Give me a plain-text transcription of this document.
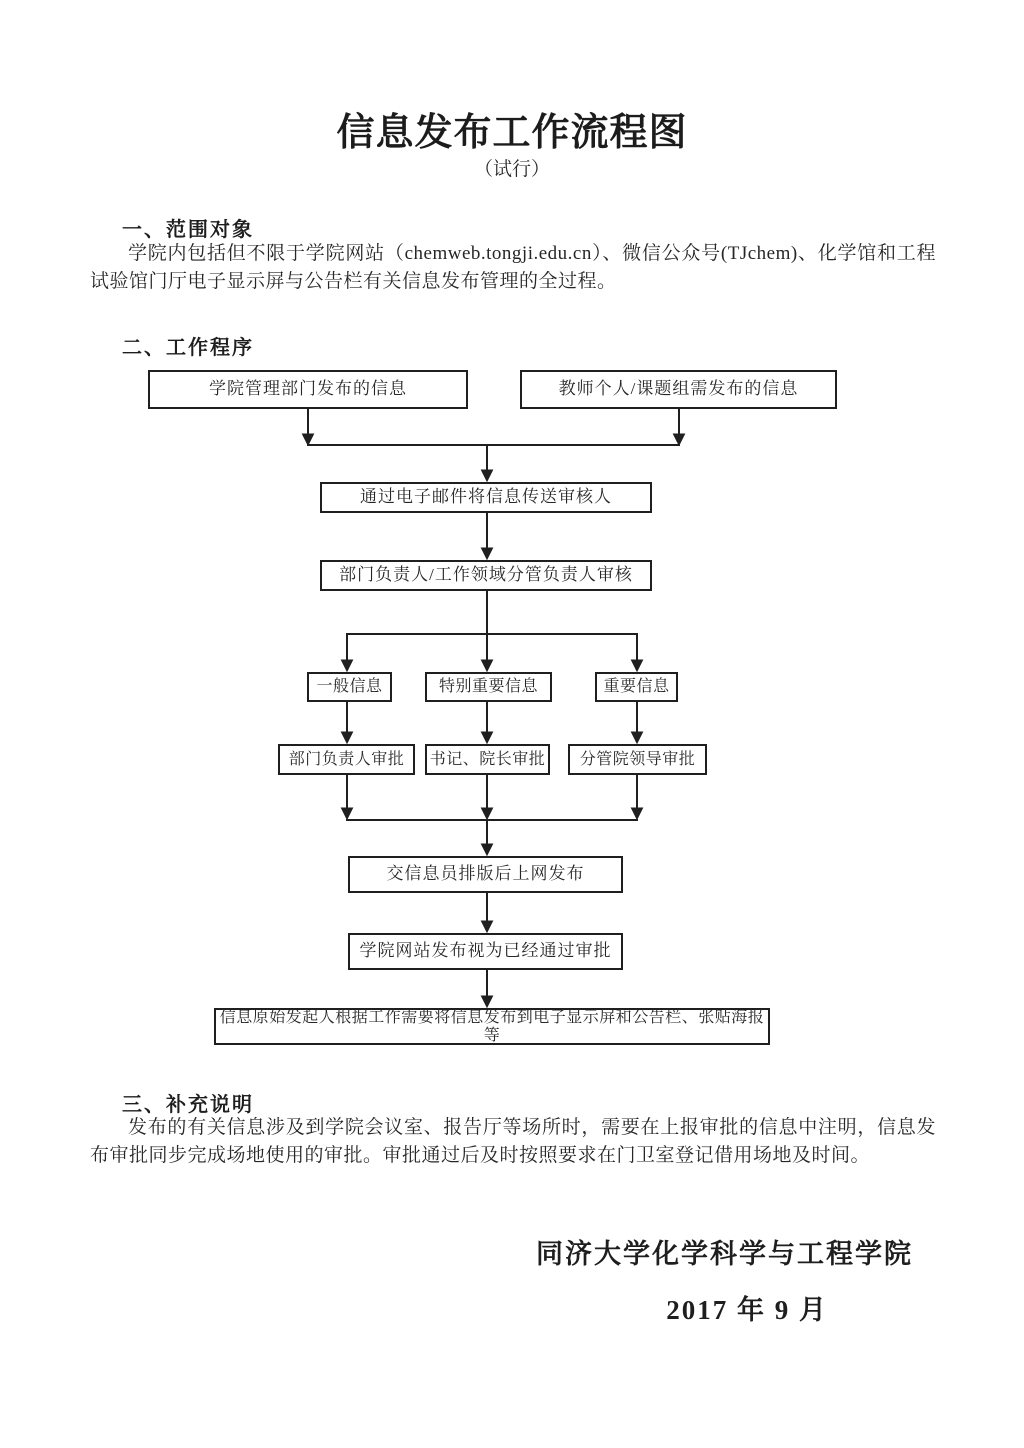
信息发布工作流程图
（试行）
一、范围对象
学院内包括但不限于学院网站（chemweb.tongji.edu.cn）、微信公众号(TJchem)、化学馆和工程试验馆门厅电子显示屏与公告栏有关信息发布管理的全过程。
二、工作程序
学院管理部门发布的信息	教师个人/课题组需发布的信息
通过电子邮件将信息传送审核人
部门负责人/工作领域分管负责人审核
一般信息	特别重要信息	重要信息
部门负责人审批	书记、院长审批	分管院领导审批
交信息员排版后上网发布
学院网站发布视为已经通过审批
信息原始发起人根据工作需要将信息发布到电子显示屏和公告栏、张贴海报等
三、补充说明
发布的有关信息涉及到学院会议室、报告厅等场所时，需要在上报审批的信息中注明，信息发布审批同步完成场地使用的审批。审批通过后及时按照要求在门卫室登记借用场地及时间。
同济大学化学科学与工程学院
2017 年 9 月
